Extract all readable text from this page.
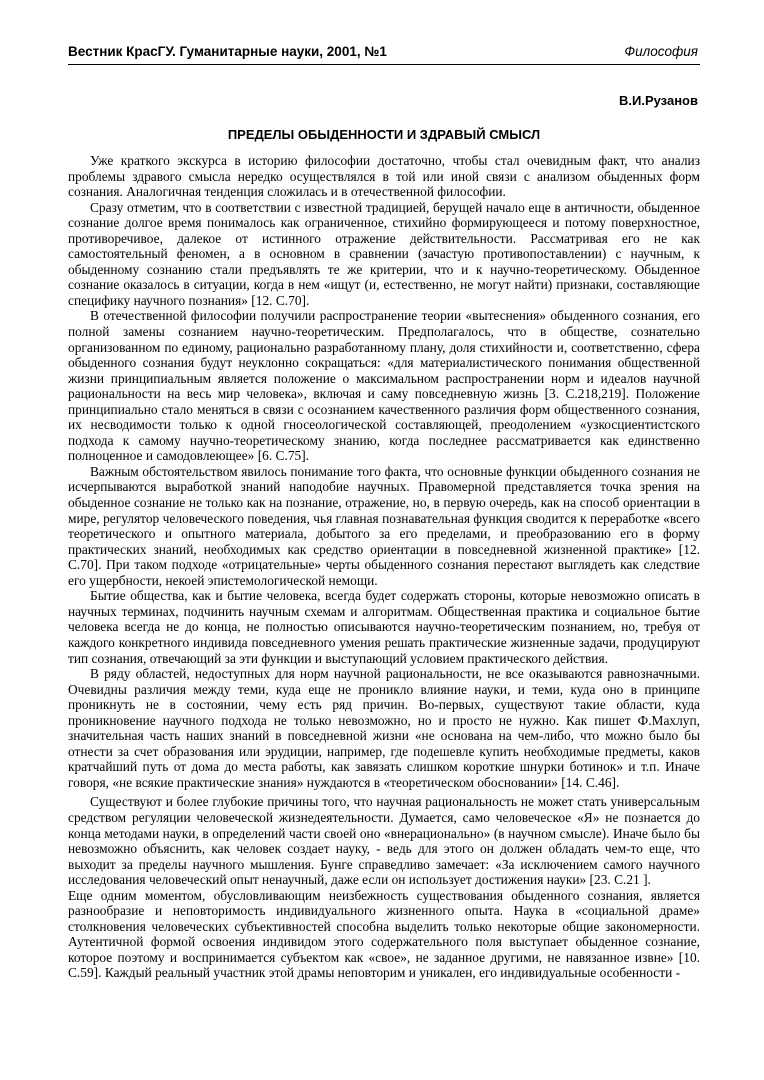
Вестник КрасГУ. Гуманитарные науки, 2001, №1	Философия
В.И.Рузанов
ПРЕДЕЛЫ ОБЫДЕННОСТИ И ЗДРАВЫЙ СМЫСЛ

Уже краткого экскурса в историю философии достаточно, чтобы стал очевидным факт, что анализ проблемы здравого смысла нередко осуществлялся в той или иной связи с анализом обыденных форм сознания. Аналогичная тенденция сложилась и в отечественной философии.

Сразу отметим, что в соответствии с известной традицией, берущей начало еще в античности, обыденное сознание долгое время понималось как ограниченное, стихийно формирующееся и потому поверхностное, противоречивое, далекое от истинного отражение действительности. Рассматривая его не как самостоятельный феномен, а в основном в сравнении (зачастую противопоставлении) с научным, к обыденному сознанию стали предъявлять те же критерии, что и к научно-теоретическому. Обыденное сознание оказалось в ситуации, когда в нем «ищут (и, естественно, не могут найти) признаки, составляющие специфику научного познания» [12. С.70].

В отечественной философии получили распространение теории «вытеснения» обыденного сознания, его полной замены сознанием научно-теоретическим. Предполагалось, что в обществе, сознательно организованном по единому, рационально разработанному плану, доля стихийности и, соответственно, сфера обыденного сознания будут неуклонно сокращаться: «для материалистического понимания общественной жизни принципиальным является положение о максимальном распространении норм и идеалов научной рациональности на весь мир человека», включая и саму повседневную жизнь [3. С.218,219]. Положение принципиально стало меняться в связи с осознанием качественного различия форм общественного сознания, их несводимости только к одной гносеологической составляющей, преодолением «узкосциентистского подхода к самому научно-теоретическому знанию, когда последнее рассматривается как единственно полноценное и самодовлеющее» [6. С.75].

Важным обстоятельством явилось понимание того факта, что основные функции обыденного сознания не исчерпываются выработкой знаний наподобие научных. Правомерной представляется точка зрения на обыденное сознание не только как на познание, отражение, но, в первую очередь, как на способ ориентации в мире, регулятор человеческого поведения, чья главная познавательная функция сводится к переработке «всего теоретического и опытного материала, добытого за его пределами, и преобразованию его в форму практических знаний, необходимых как средство ориентации в повседневной жизненной практике» [12. С.70]. При таком подходе «отрицательные» черты обыденного сознания перестают выглядеть как следствие его ущербности, некоей эпистемологической немощи.

Бытие общества, как и бытие человека, всегда будет содержать стороны, которые невозможно описать в научных терминах, подчинить научным схемам и алгоритмам. Общественная практика и социальное бытие человека всегда не до конца, не полностью описываются научно-теоретическим познанием, но, требуя от каждого конкретного индивида повседневного умения решать практические жизненные задачи, продуцируют тип сознания, отвечающий за эти функции и выступающий условием практического действия.

В ряду областей, недоступных для норм научной рациональности, не все оказываются равнозначными. Очевидны различия между теми, куда еще не проникло влияние науки, и теми, куда оно в принципе проникнуть не в состоянии, чему есть ряд причин. Во-первых, существуют такие области, куда проникновение научного подхода не только невозможно, но и просто не нужно. Как пишет Ф.Махлуп, значительная часть наших знаний в повседневной жизни «не основана на чем-либо, что можно было бы отнести за счет образования или эрудиции, например, где подешевле купить необходимые предметы, каков кратчайший путь от дома до места работы, как завязать слишком короткие шнурки ботинок» и т.п. Иначе говоря, «не всякие практические знания» нуждаются в «теоретическом обосновании» [14. С.46].

Существуют и более глубокие причины того, что научная рациональность не может стать универсальным средством регуляции человеческой жизнедеятельности. Думается, само человеческое «Я» не познается до конца методами науки, в определений части своей оно «внерационально» (в научном смысле). Иначе было бы невозможно объяснить, как человек создает науку, - ведь для этого он должен обладать чем-то еще, что выходит за пределы научного мышления. Бунге справедливо замечает: «За исключением самого научного исследования человеческий опыт ненаучный, даже если он использует достижения науки» [23. С.21 ].

Еще одним моментом, обусловливающим неизбежность существования обыденного сознания, является разнообразие и неповторимость индивидуального жизненного опыта. Наука в «социальной драме» столкновения человеческих субъективностей способна выделить только некоторые общие закономерности. Аутентичной формой освоения индивидом этого содержательного поля выступает обыденное сознание, которое поэтому и воспринимается субъектом как «свое», не заданное другими, не навязанное извне» [10. С.59]. Каждый реальный участник этой драмы неповторим и уникален, его индивидуальные особенности -
